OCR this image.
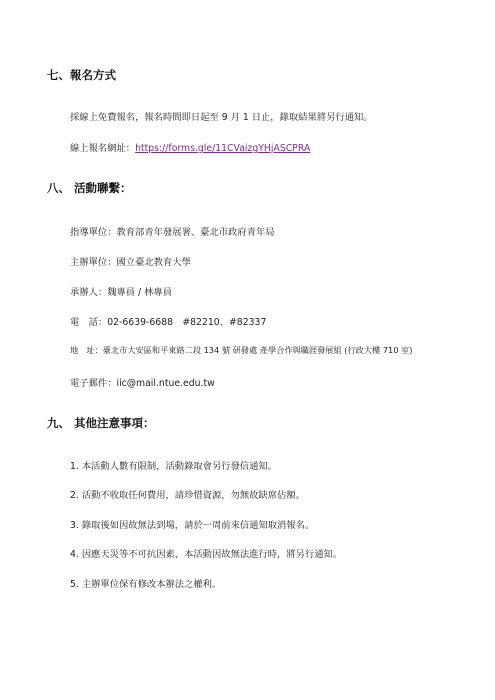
七、報名方式
採線上免費報名，報名時間即日起至 9 月 1 日止，錄取結果將另行通知。
線上報名網址：https://forms.gle/11CVaizgYHjASCPRA
八、 活動聯繫：
指導單位：教育部青年發展署、臺北市政府青年局
主辦單位：國立臺北教育大學
承辦人：魏專員 / 林專員
電　話：02-6639-6688　#82210、#82337
地　址：臺北市大安區和平東路二段 134 號 研發處 產學合作與職涯發展組 (行政大樓 710 室)
電子郵件：iic@mail.ntue.edu.tw
九、 其他注意事項：
1. 本活動人數有限制，活動錄取會另行發信通知。
2. 活動不收取任何費用，請珍惜資源，勿無故缺席佔額。
3. 錄取後如因故無法到場，請於一周前來信通知取消報名。
4. 因應天災等不可抗因素，本活動因故無法進行時，將另行通知。
5. 主辦單位保有修改本辦法之權利。
